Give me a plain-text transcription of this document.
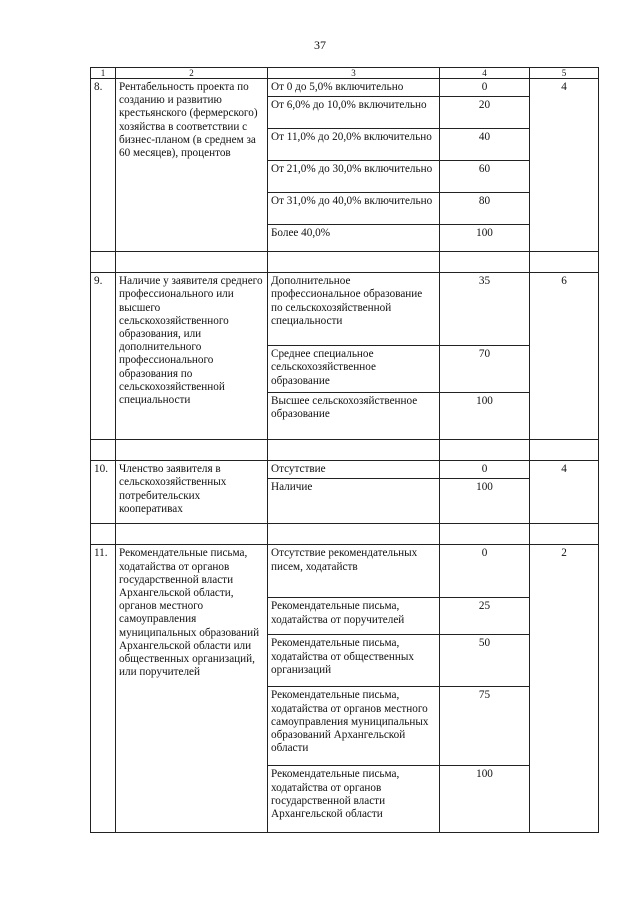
37
1	2	3	4	5
8.	Рентабельность проекта по созданию и развитию крестьянского (фермерского) хозяйства в соответствии с бизнес-планом (в среднем за 60 месяцев), процентов	От 0 до 5,0% включительно	0	4
		От 6,0% до 10,0% включительно	20	
		От 11,0% до 20,0% включительно	40	
		От 21,0% до 30,0% включительно	60	
		От 31,0% до 40,0% включительно	80	
		Более 40,0%	100	

9.	Наличие у заявителя среднего профессионального или высшего сельскохозяйственного образования, или дополнительного профессионального образования по сельскохозяйственной специальности	Дополнительное профессиональное образование по сельскохозяйственной специальности	35	6
		Среднее специальное сельскохозяйственное образование	70	
		Высшее сельскохозяйственное образование	100	

10.	Членство заявителя в сельскохозяйственных потребительских кооперативах	Отсутствие	0	4
		Наличие	100	

11.	Рекомендательные письма, ходатайства от органов государственной власти Архангельской области, органов местного самоуправления муниципальных образований Архангельской области или общественных организаций, или поручителей	Отсутствие рекомендательных писем, ходатайств	0	2
		Рекомендательные письма, ходатайства от поручителей	25	
		Рекомендательные письма, ходатайства от общественных организаций	50	
		Рекомендательные письма, ходатайства от органов местного самоуправления муниципальных образований Архангельской области	75	
		Рекомендательные письма, ходатайства от органов государственной власти Архангельской области	100	
